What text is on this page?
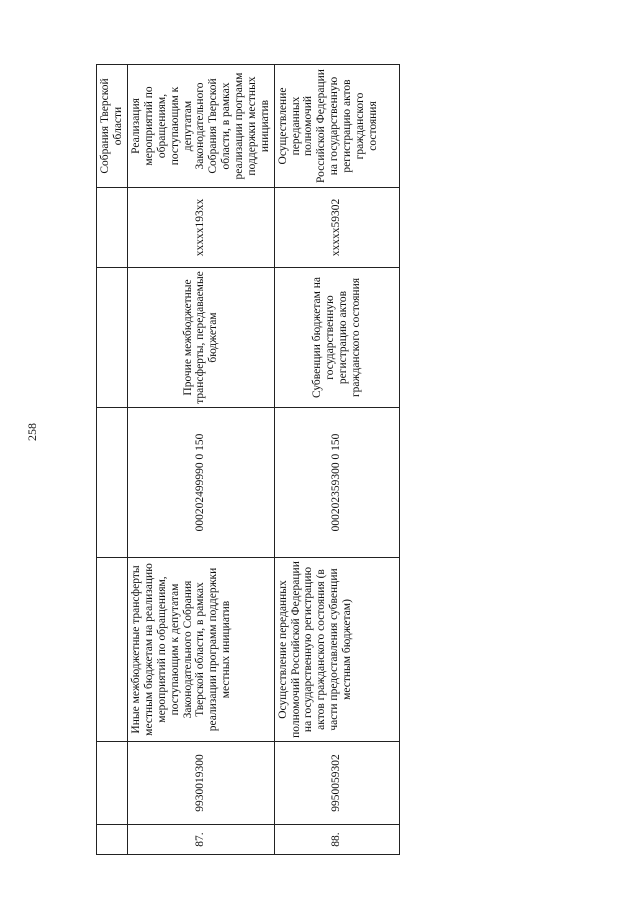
258
						Собрания Тверской области
87.	9930019300	Иные межбюджетные трансферты местным бюджетам на реализацию мероприятий по обращениям, поступающим к депутатам Законодательного Собрания Тверской области, в рамках реализации программ поддержки местных инициатив	000202499990 0 150	Прочие межбюджетные трансферты, передаваемые бюджетам	xxxxx193xx	Реализация мероприятий по обращениям, поступающим к депутатам Законодательного Собрания Тверской области, в рамках реализации программ поддержки местных инициатив
88.	9950059302	Осуществление переданных полномочий Российской Федерации на государственную регистрацию актов гражданского состояния (в части предоставления субвенции местным бюджетам)	000202359300 0 150	Субвенции бюджетам на государственную регистрацию актов гражданского состояния	xxxxx59302	Осуществление переданных полномочий Российской Федерации на государственную регистрацию актов гражданского состояния
